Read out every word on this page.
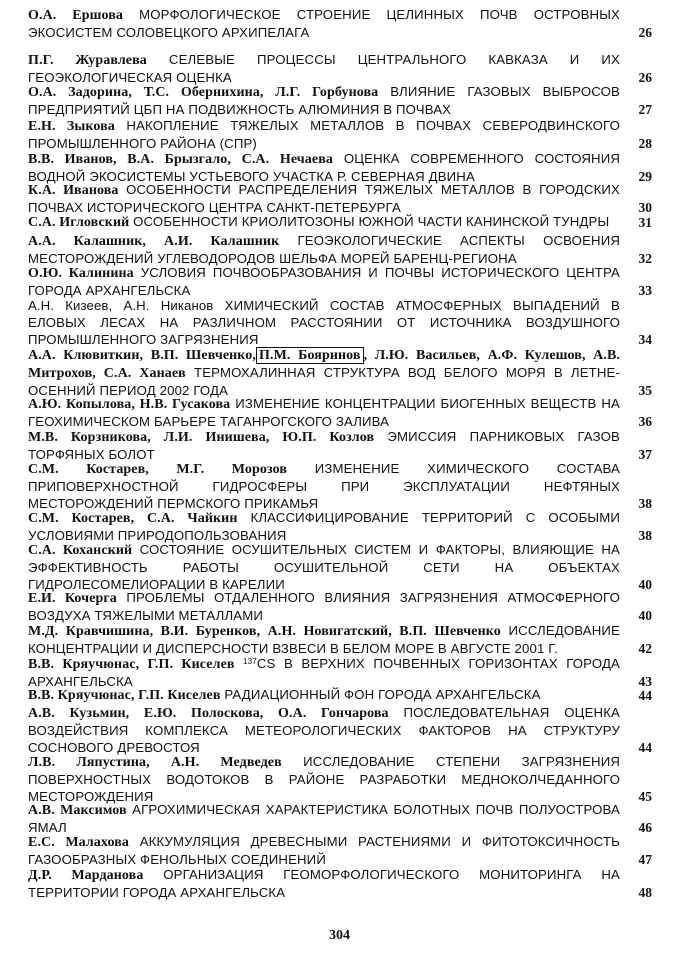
О.А. Ершова МОРФОЛОГИЧЕСКОЕ СТРОЕНИЕ ЦЕЛИННЫХ ПОЧВ ОСТРОВНЫХ ЭКОСИСТЕМ СОЛОВЕЦКОГО АРХИПЕЛАГА	26
П.Г. Журавлева СЕЛЕВЫЕ ПРОЦЕССЫ ЦЕНТРАЛЬНОГО КАВКАЗА И ИХ ГЕОЭКОЛОГИЧЕСКАЯ ОЦЕНКА	26
О.А. Задорина, Т.С. Обернихина, Л.Г. Горбунова ВЛИЯНИЕ ГАЗОВЫХ ВЫБРОСОВ ПРЕДПРИЯТИЙ ЦБП НА ПОДВИЖНОСТЬ АЛЮМИНИЯ В ПОЧВАХ	27
Е.Н. Зыкова НАКОПЛЕНИЕ ТЯЖЕЛЫХ МЕТАЛЛОВ В ПОЧВАХ СЕВЕРОДВИНСКОГО ПРОМЫШЛЕННОГО РАЙОНА (СПР)	28
В.В. Иванов, В.А. Брызгало, С.А. Нечаева ОЦЕНКА СОВРЕМЕННОГО СОСТОЯНИЯ ВОДНОЙ ЭКОСИСТЕМЫ УСТЬЕВОГО УЧАСТКА Р. СЕВЕРНАЯ ДВИНА	29
К.А. Иванова ОСОБЕННОСТИ РАСПРЕДЕЛЕНИЯ ТЯЖЕЛЫХ МЕТАЛЛОВ В ГОРОДСКИХ ПОЧВАХ ИСТОРИЧЕСКОГО ЦЕНТРА САНКТ-ПЕТЕРБУРГА	30
С.А. Игловский ОСОБЕННОСТИ КРИОЛИТОЗОНЫ ЮЖНОЙ ЧАСТИ КАНИНСКОЙ ТУНДРЫ	31
А.А. Калашник, А.И. Калашник ГЕОЭКОЛОГИЧЕСКИЕ АСПЕКТЫ ОСВОЕНИЯ МЕСТОРОЖДЕНИЙ УГЛЕВОДОРОДОВ ШЕЛЬФА МОРЕЙ БАРЕНЦ-РЕГИОНА	32
О.Ю. Калинина УСЛОВИЯ ПОЧВООБРАЗОВАНИЯ И ПОЧВЫ ИСТОРИЧЕСКОГО ЦЕНТРА ГОРОДА АРХАНГЕЛЬСКА	33
А.Н. Кизеев, А.Н. Никанов ХИМИЧЕСКИЙ СОСТАВ АТМОСФЕРНЫХ ВЫПАДЕНИЙ В ЕЛОВЫХ ЛЕСАХ НА РАЗЛИЧНОМ РАССТОЯНИИ ОТ ИСТОЧНИКА ВОЗДУШНОГО ПРОМЫШЛЕННОГО ЗАГРЯЗНЕНИЯ	34
А.А. Клювиткин, В.П. Шевченко, П.М. Бояринов , Л.Ю. Васильев, А.Ф. Кулешов, А.В. Митрохов, С.А. Ханаев ТЕРМОХАЛИННАЯ СТРУКТУРА ВОД БЕЛОГО МОРЯ В ЛЕТНЕ-ОСЕННИЙ ПЕРИОД 2002 ГОДА	35
А.Ю. Копылова, Н.В. Гусакова ИЗМЕНЕНИЕ КОНЦЕНТРАЦИИ БИОГЕННЫХ ВЕЩЕСТВ НА ГЕОХИМИЧЕСКОМ БАРЬЕРЕ ТАГАНРОГСКОГО ЗАЛИВА	36
М.В. Корзникова, Л.И. Инишева, Ю.П. Козлов ЭМИССИЯ ПАРНИКОВЫХ ГАЗОВ ТОРФЯНЫХ БОЛОТ	37
С.М. Костарев, М.Г. Морозов ИЗМЕНЕНИЕ ХИМИЧЕСКОГО СОСТАВА ПРИПОВЕРХНОСТНОЙ ГИДРОСФЕРЫ ПРИ ЭКСПЛУАТАЦИИ НЕФТЯНЫХ МЕСТОРОЖДЕНИЙ ПЕРМСКОГО ПРИКАМЬЯ	38
С.М. Костарев, С.А. Чайкин КЛАССИФИЦИРОВАНИЕ ТЕРРИТОРИЙ С ОСОБЫМИ УСЛОВИЯМИ ПРИРОДОПОЛЬЗОВАНИЯ	38
С.А. Коханский СОСТОЯНИЕ ОСУШИТЕЛЬНЫХ СИСТЕМ И ФАКТОРЫ, ВЛИЯЮЩИЕ НА ЭФФЕКТИВНОСТЬ РАБОТЫ ОСУШИТЕЛЬНОЙ СЕТИ НА ОБЪЕКТАХ ГИДРОЛЕСОМЕЛИОРАЦИИ В КАРЕЛИИ	40
Е.И. Кочерга ПРОБЛЕМЫ ОТДАЛЕННОГО ВЛИЯНИЯ ЗАГРЯЗНЕНИЯ АТМОСФЕРНОГО ВОЗДУХА ТЯЖЕЛЫМИ МЕТАЛЛАМИ	40
М.Д. Кравчишина, В.И. Буренков, А.Н. Новигатский, В.П. Шевченко ИССЛЕДОВАНИЕ КОНЦЕНТРАЦИИ И ДИСПЕРСНОСТИ ВЗВЕСИ В БЕЛОМ МОРЕ В АВГУСТЕ 2001 Г.	42
В.В. Кряучюнас, Г.П. Киселев $^{137}$CS В ВЕРХНИХ ПОЧВЕННЫХ ГОРИЗОНТАХ ГОРОДА АРХАНГЕЛЬСКА	43
В.В. Кряучюнас, Г.П. Киселев РАДИАЦИОННЫЙ ФОН ГОРОДА АРХАНГЕЛЬСКА	44
А.В. Кузьмин, Е.Ю. Полоскова, О.А. Гончарова ПОСЛЕДОВАТЕЛЬНАЯ ОЦЕНКА ВОЗДЕЙСТВИЯ КОМПЛЕКСА МЕТЕОРОЛОГИЧЕСКИХ ФАКТОРОВ НА СТРУКТУРУ СОСНОВОГО ДРЕВОСТОЯ	44
Л.В. Ляпустина, А.Н. Медведев ИССЛЕДОВАНИЕ СТЕПЕНИ ЗАГРЯЗНЕНИЯ ПОВЕРХНОСТНЫХ ВОДОТОКОВ В РАЙОНЕ РАЗРАБОТКИ МЕДНОКОЛЧЕДАННОГО МЕСТОРОЖДЕНИЯ	45
А.В. Максимов АГРОХИМИЧЕСКАЯ ХАРАКТЕРИСТИКА БОЛОТНЫХ ПОЧВ ПОЛУОСТРОВА ЯМАЛ	46
Е.С. Малахова АККУМУЛЯЦИЯ ДРЕВЕСНЫМИ РАСТЕНИЯМИ И ФИТОТОКСИЧНОСТЬ ГАЗООБРАЗНЫХ ФЕНОЛЬНЫХ СОЕДИНЕНИЙ	47
Д.Р. Марданова ОРГАНИЗАЦИЯ ГЕОМОРФОЛОГИЧЕСКОГО МОНИТОРИНГА НА ТЕРРИТОРИИ ГОРОДА АРХАНГЕЛЬСКА	48
304
